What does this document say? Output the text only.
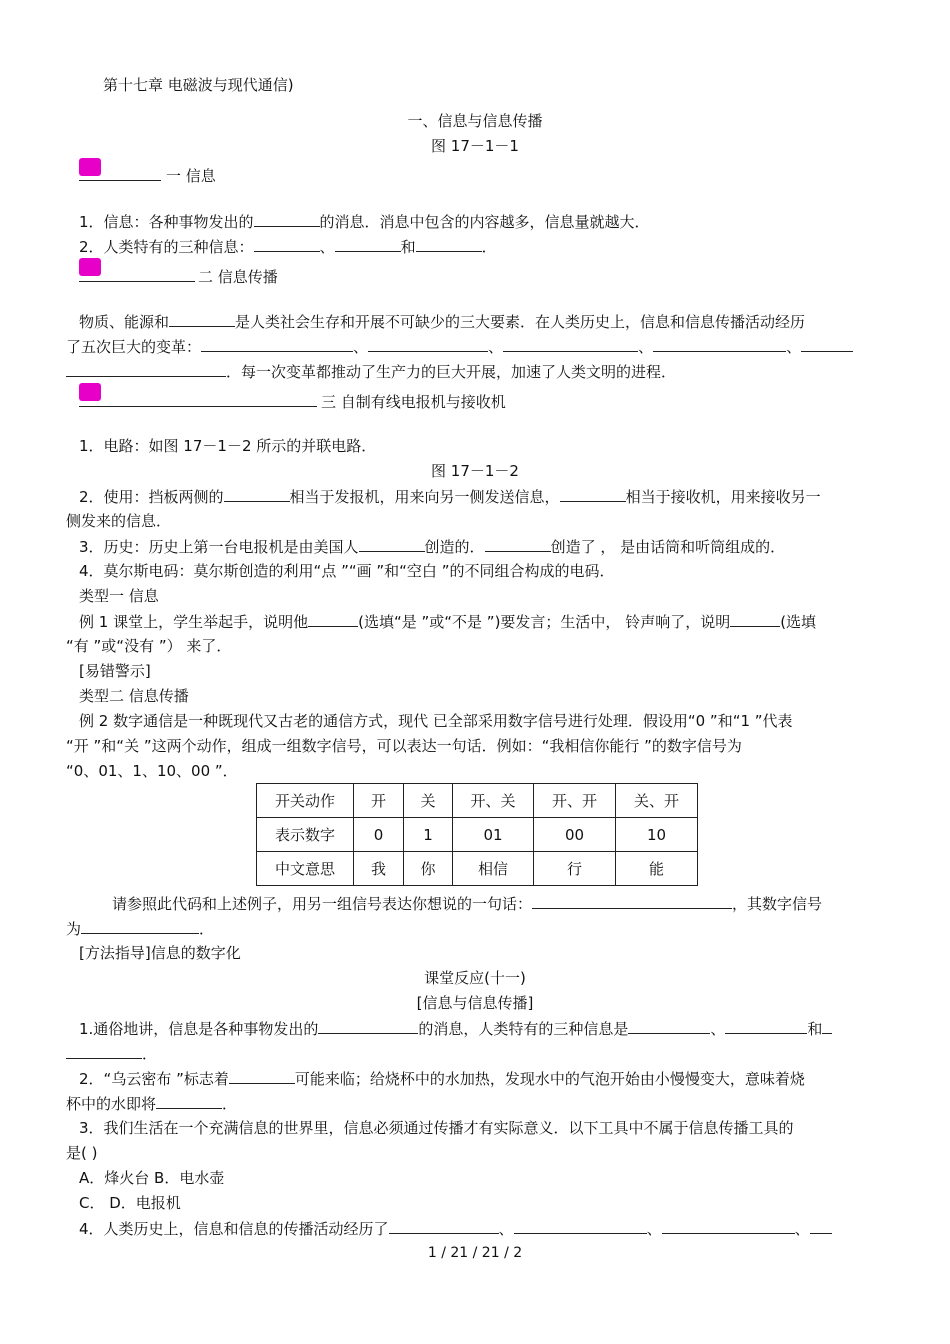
第十七章 电磁波与现代通信)
一、信息与信息传播
图 17－1－1
一 信息
1．信息：各种事物发出的	的消息．消息中包含的内容越多，信息量就越大．
2．人类特有的三种信息：	、	和	．
二 信息传播
物质、能源和	是人类社会生存和开展不可缺少的三大要素．在人类历史上，信息和信息传播活动经历
了五次巨大的变革：	、	、	、	、
．每一次变革都推动了生产力的巨大开展，加速了人类文明的进程．
三 自制有线电报机与接收机
1．电路：如图 17－1－2 所示的并联电路．
图 17－1－2
2．使用：挡板两侧的	相当于发报机，用来向另一侧发送信息，	相当于接收机，用来接收另一
侧发来的信息．
3．历史：历史上第一台电报机是由美国人	创造的．	创造了 ， 是由话筒和听筒组成的．
4．莫尔斯电码：莫尔斯创造的利用“点 ”“画 ”和“空白 ”的不同组合构成的电码．
类型一 信息
例 1 课堂上，学生举起手，说明他	(选填“是 ”或“不是 ”)要发言；生活中， 铃声响了，说明	(选填
“有 ”或“没有 ”） 来了．
[易错警示]
类型二 信息传播
例 2 数字通信是一种既现代又古老的通信方式，现代 已全部采用数字信号进行处理．假设用“0 ”和“1 ”代表
“开 ”和“关 ”这两个动作，组成一组数字信号，可以表达一句话．例如：“我相信你能行 ”的数字信号为
“0、01、1、10、00 ”．
开关动作	开	关	开、关	开、开	关、开
表示数字	0	1	01	00	10
中文意思	我	你	相信	行	能
请参照此代码和上述例子，用另一组信号表达你想说的一句话：	，其数字信号
为	．
[方法指导]信息的数字化
课堂反应(十一)
[信息与信息传播]
1.通俗地讲，信息是各种事物发出的	的消息，人类特有的三种信息是	、	和
．
2．“乌云密布 ”标志着	可能来临；给烧杯中的水加热，发现水中的气泡开始由小慢慢变大，意味着烧
杯中的水即将	．
3．我们生活在一个充满信息的世界里，信息必须通过传播才有实际意义．以下工具中不属于信息传播工具的
是( )
A．烽火台 B．电水壶
C． D．电报机
4．人类历史上，信息和信息的传播活动经历了	、	、	、
1 / 21 / 21 / 2
